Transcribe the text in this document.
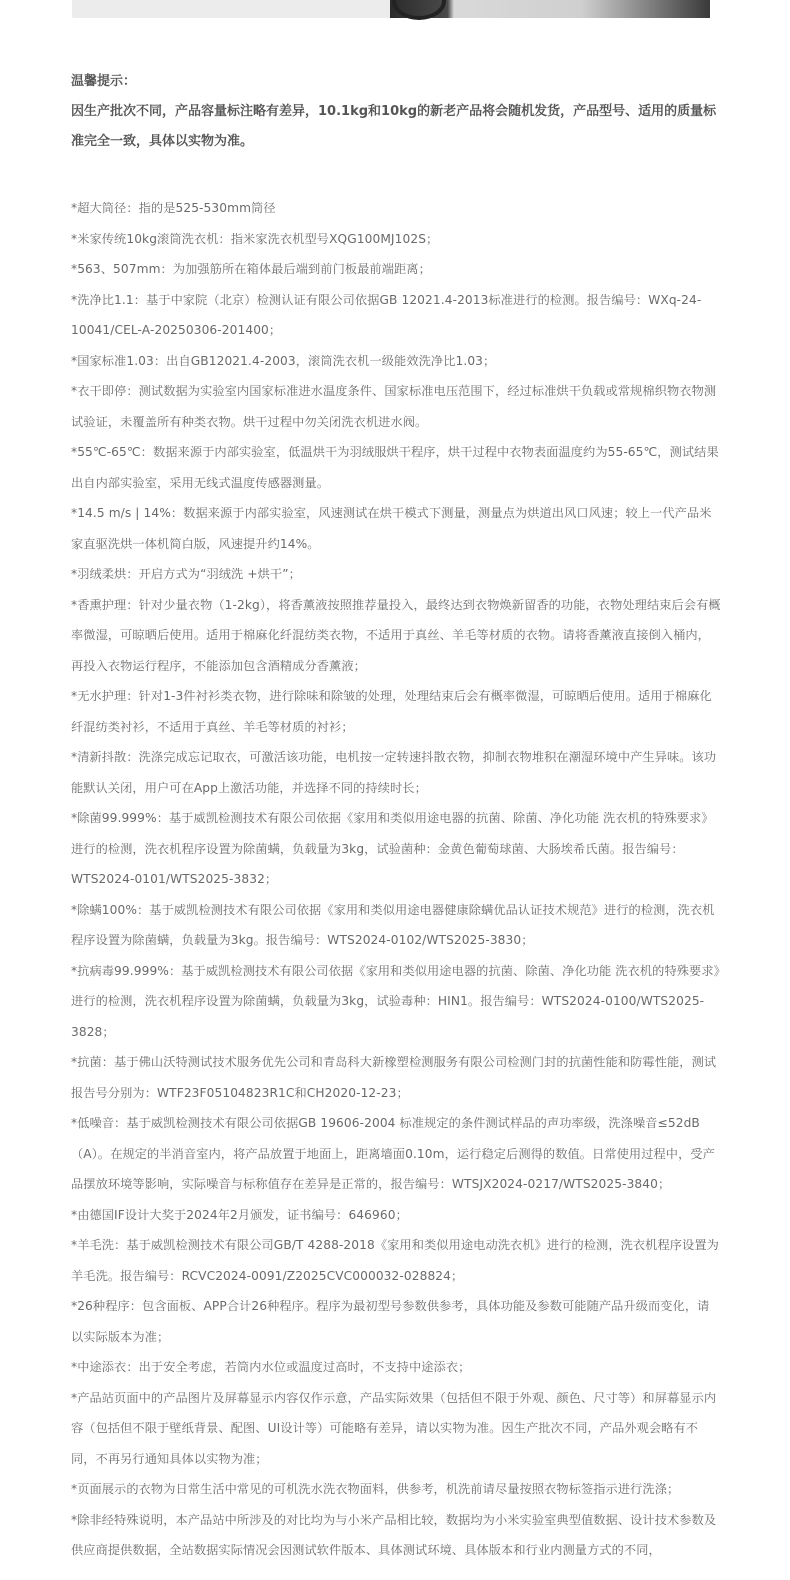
温馨提示：

因生产批次不同，产品容量标注略有差异，10.1kg和10kg的新老产品将会随机发货，产品型号、适用的质量标准完全一致，具体以实物为准。

*超大筒径：指的是525-530mm筒径

*米家传统10kg滚筒洗衣机：指米家洗衣机型号XQG100MJ102S；

*563、507mm：为加强筋所在箱体最后端到前门板最前端距离；

*洗净比1.1：基于中家院（北京）检测认证有限公司依据GB 12021.4-2013标准进行的检测。报告编号：WXq-24-10041/CEL-A-20250306-201400；

*国家标准1.03：出自GB12021.4-2003，滚筒洗衣机一级能效洗净比1.03；

*衣干即停：测试数据为实验室内国家标准进水温度条件、国家标准电压范围下，经过标准烘干负载或常规棉织物衣物测试验证，未覆盖所有种类衣物。烘干过程中勿关闭洗衣机进水阀。

*55℃-65℃：数据来源于内部实验室，低温烘干为羽绒服烘干程序，烘干过程中衣物表面温度约为55-65℃，测试结果出自内部实验室，采用无线式温度传感器测量。

*14.5 m/s | 14%：数据来源于内部实验室，风速测试在烘干模式下测量，测量点为烘道出风口风速；较上一代产品米家直驱洗烘一体机简白版，风速提升约14%。

*羽绒柔烘：开启方式为“羽绒洗 +烘干”；

*香熏护理：针对少量衣物（1-2kg），将香薰液按照推荐量投入，最终达到衣物焕新留香的功能，衣物处理结束后会有概率微湿，可晾晒后使用。适用于棉麻化纤混纺类衣物，不适用于真丝、羊毛等材质的衣物。请将香薰液直接倒入桶内，再投入衣物运行程序，不能添加包含酒精成分香薰液；

*无水护理：针对1-3件衬衫类衣物，进行除味和除皱的处理，处理结束后会有概率微湿，可晾晒后使用。适用于棉麻化纤混纺类衬衫，不适用于真丝、羊毛等材质的衬衫；

*清新抖散：洗涤完成忘记取衣，可激活该功能，电机按一定转速抖散衣物，抑制衣物堆积在潮湿环境中产生异味。该功能默认关闭，用户可在App上激活功能，并选择不同的持续时长；

*除菌99.999%：基于威凯检测技术有限公司依据《家用和类似用途电器的抗菌、除菌、净化功能 洗衣机的特殊要求》进行的检测，洗衣机程序设置为除菌螨，负载量为3kg，试验菌种：金黄色葡萄球菌、大肠埃希氏菌。报告编号：WTS2024-0101/WTS2025-3832；

*除螨100%：基于威凯检测技术有限公司依据《家用和类似用途电器健康除螨优品认证技术规范》进行的检测，洗衣机程序设置为除菌螨，负载量为3kg。报告编号：WTS2024-0102/WTS2025-3830；

*抗病毒99.999%：基于威凯检测技术有限公司依据《家用和类似用途电器的抗菌、除菌、净化功能 洗衣机的特殊要求》进行的检测，洗衣机程序设置为除菌螨，负载量为3kg，试验毒种：HIN1。报告编号：WTS2024-0100/WTS2025-3828；

*抗菌：基于佛山沃特测试技术服务优先公司和青岛科大新橡塑检测服务有限公司检测门封的抗菌性能和防霉性能，测试报告号分别为：WTF23F05104823R1C和CH2020-12-23；

*低噪音：基于威凯检测技术有限公司依据GB 19606-2004 标准规定的条件测试样品的声功率级，洗涤噪音≤52dB（A）。在规定的半消音室内，将产品放置于地面上，距离墙面0.10m，运行稳定后测得的数值。日常使用过程中，受产品摆放环境等影响，实际噪音与标称值存在差异是正常的，报告编号：WTSJX2024-0217/WTS2025-3840；

*由德国IF设计大奖于2024年2月颁发，证书编号：646960；

*羊毛洗：基于威凯检测技术有限公司GB/T 4288-2018《家用和类似用途电动洗衣机》进行的检测，洗衣机程序设置为羊毛洗。报告编号：RCVC2024-0091/Z2025CVC000032-028824；

*26种程序：包含面板、APP合计26种程序。程序为最初型号参数供参考，具体功能及参数可能随产品升级而变化，请以实际版本为准；

*中途添衣：出于安全考虑，若筒内水位或温度过高时，不支持中途添衣；

*产品站页面中的产品图片及屏幕显示内容仅作示意，产品实际效果（包括但不限于外观、颜色、尺寸等）和屏幕显示内容（包括但不限于壁纸背景、配图、UI设计等）可能略有差异，请以实物为准。因生产批次不同，产品外观会略有不同，不再另行通知具体以实物为准；

*页面展示的衣物为日常生活中常见的可机洗水洗衣物面料，供参考，机洗前请尽量按照衣物标签指示进行洗涤；

*除非经特殊说明，本产品站中所涉及的对比均为与小米产品相比较，数据均为小米实验室典型值数据、设计技术参数及供应商提供数据，全站数据实际情况会因测试软件版本、具体测试环境、具体版本和行业内测量方式的不同，
